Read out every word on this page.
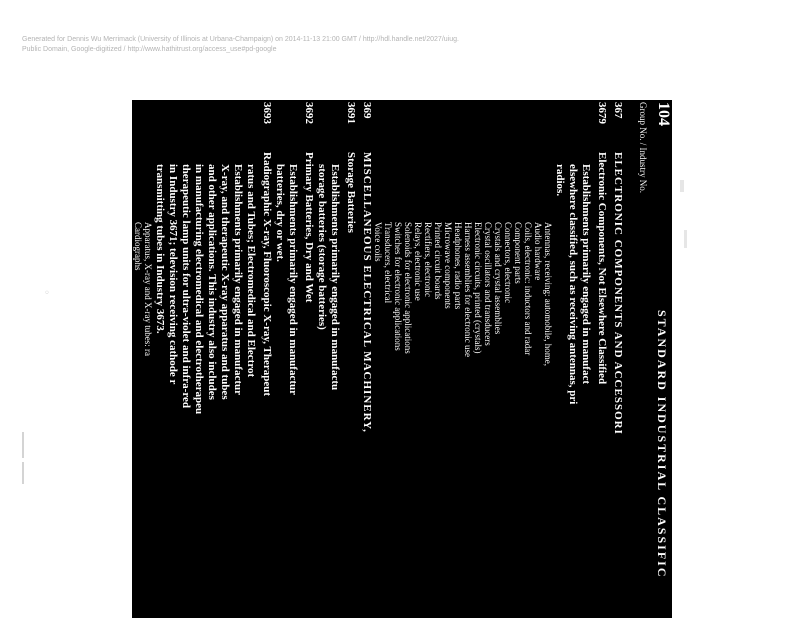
Generated for Dennis Wu Merrimack (University of Illinois at Urbana-Champaign) on 2014-11-13 21:00 GMT / http://hdl.handle.net/2027/uiug.
Public Domain, Google-digitized / http://www.hathitrust.org/access_use#pd-google
◦
104
STANDARD INDUSTRIAL CLASSIFIC
Group No. / Industry No.
367
ELECTRONIC COMPONENTS AND ACCESSORI
3679
Electronic Components, Not Elsewhere Classified
Establishments primarily engaged in manufact
elsewhere classified, such as receiving antennas, pri
radios.
Antennas, receiving: automobile, home,
Audio hardware
Coils, electronic: inductors and radar
Component parts
Connectors, electronic
Crystals and crystal assemblies
Crystal oscillators and transducers
Electronic circuits, printed (crystals)
Harness assemblies for electronic use
Headphones, radio parts
Microwave components
Printed circuit boards
Rectifiers, electronic
Relays, electronic use
Solenoids for electronic applications
Switches for electronic applications
Transducers, electrical
Voice coils
369
MISCELLANEOUS ELECTRICAL MACHINERY,
3691
Storage Batteries
Establishments primarily engaged in manufactu
storage batteries (storage batteries)
3692
Primary Batteries, Dry and Wet
Establishments primarily engaged in manufactur
batteries, dry or wet.
3693
Radiographic X-ray, Fluoroscopic X-ray, Therapeut
ratus and Tubes; Electromedical and Electrot
Establishments primarily engaged in manufactur
X-ray, and therapeutic X-ray apparatus and tubes
and other applications. This industry also includes
in manufacturing electromedical and electrotherapeu
therapeutic lamp units for ultra-violet and infra-red
in Industry 3671; television receiving cathode r
transmitting tubes in Industry 3673.
Apparatus, X-ray and X-ray tubes: ra
Cardiographs
Electromedical apparatus
Electrotherapeutic apparatus
Fluoroscopic X-ray apparatus
Lamps, X-ray
